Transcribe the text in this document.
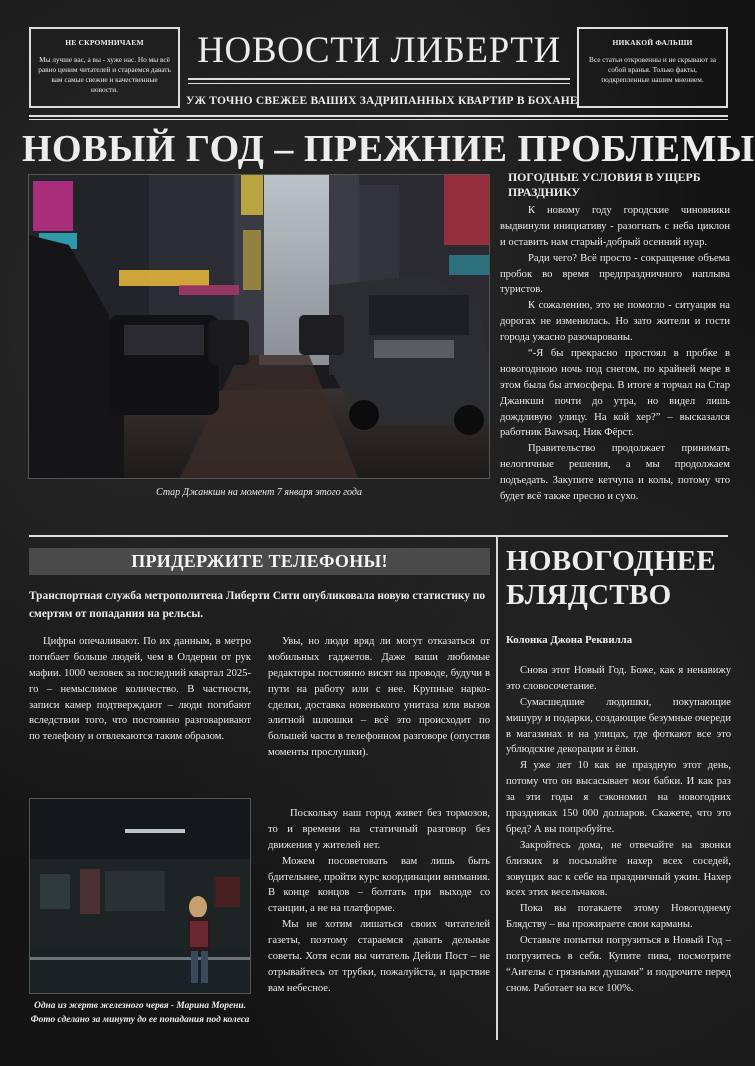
НЕ СКРОМНИЧАЕМ
Мы лучше вас, а вы - хуже нас. Но мы всё равно ценим читателей и стараемся давать вам самые свежие и качественные новости.
НИКАКОЙ ФАЛЬШИ
Все статьи откровенны и не скрывают за собой вранья. Только факты, подкрепленные нашим мнением.
НОВОСТИ ЛИБЕРТИ
УЖ ТОЧНО СВЕЖЕЕ ВАШИХ ЗАДРИПАННЫХ КВАРТИР В БОХАНЕ
НОВЫЙ ГОД – ПРЕЖНИЕ ПРОБЛЕМЫ
Стар Джанкшн на момент 7 января этого года
ПОГОДНЫЕ УСЛОВИЯ В УЩЕРБ ПРАЗДНИКУ

К новому году городские чиновники выдвинули инициативу - разогнать с неба циклон и оставить нам старый-добрый осенний нуар.

Ради чего? Всё просто - сокращение объема пробок во время предпраздничного наплыва туристов.

К сожалению, это не помогло - ситуация на дорогах не изменилась. Но зато жители и гости города ужасно разочарованы.

“-Я бы прекрасно простоял в пробке в новогоднюю ночь под снегом, по крайней мере в этом была бы атмосфера. В итоге я торчал на Стар Джанкшн почти до утра, но видел лишь дождливую улицу. На кой хер?” – высказался работник Bawsaq, Ник Фёрст.

Правительство продолжает принимать нелогичные решения, а мы продолжаем подъедать. Закупите кетчупа и колы, потому что будет всё также пресно и сухо.

ПРИДЕРЖИТЕ ТЕЛЕФОНЫ!
Транспортная служба метрополитена Либерти Сити опубликовала новую статистику по смертям от попадания на рельсы.

Цифры опечаливают. По их данным, в метро погибает больше людей, чем в Олдерни от рук мафии. 1000 человек за последний квартал 2025-го – немыслимое количество. В частности, записи камер подтверждают – люди погибают вследствии того, что постоянно разговаривают по телефону и отвлекаются таким образом.

Увы, но люди вряд ли могут отказаться от мобильных гаджетов. Даже ваши любимые редакторы постоянно висят на проводе, будучи в пути на работу или с нее. Крупные нарко-сделки, доставка новенького унитаза или вызов элитной шлюшки – всё это происходит по большей части в телефонном разговоре (опустив моменты прослушки).

Одна из жертв железного червя - Марина Морени. Фото сделано за минуту до ее попадания под колеса

Поскольку наш город живет без тормозов, то и времени на статичный разговор без движения у жителей нет.

Можем посоветовать вам лишь быть бдительнее, пройти курс координации внимания. В конце концов – болтать при выходе со станции, а не на платформе.

Мы не хотим лишаться своих читателей газеты, поэтому стараемся давать дельные советы. Хотя если вы читатель Дейли Пост – не отрывайтесь от трубки, пожалуйста, и царствие вам небесное.

НОВОГОДНЕЕ БЛЯДСТВО
Колонка Джона Реквилла

Снова этот Новый Год. Боже, как я ненавижу это словосочетание.

Сумасшедшие людишки, покупающие мишуру и подарки, создающие безумные очереди в магазинах и на улицах, где фоткают все это ублюдские декорации и ёлки.

Я уже лет 10 как не праздную этот день, потому что он высасывает мои бабки. И как раз за эти годы я сэкономил на новогодних праздниках 150 000 долларов. Скажете, что это бред? А вы попробуйте.

Закройтесь дома, не отвечайте на звонки близких и посылайте нахер всех соседей, зовущих вас к себе на праздничный ужин. Нахер всех этих весельчаков.

Пока вы потакаете этому Новогоднему Блядству – вы прожираете свои карманы.

Оставьте попытки погрузиться в Новый Год – погрузитесь в себя. Купите пива, посмотрите “Ангелы с грязными душами” и подрочите перед сном. Работает на все 100%.
